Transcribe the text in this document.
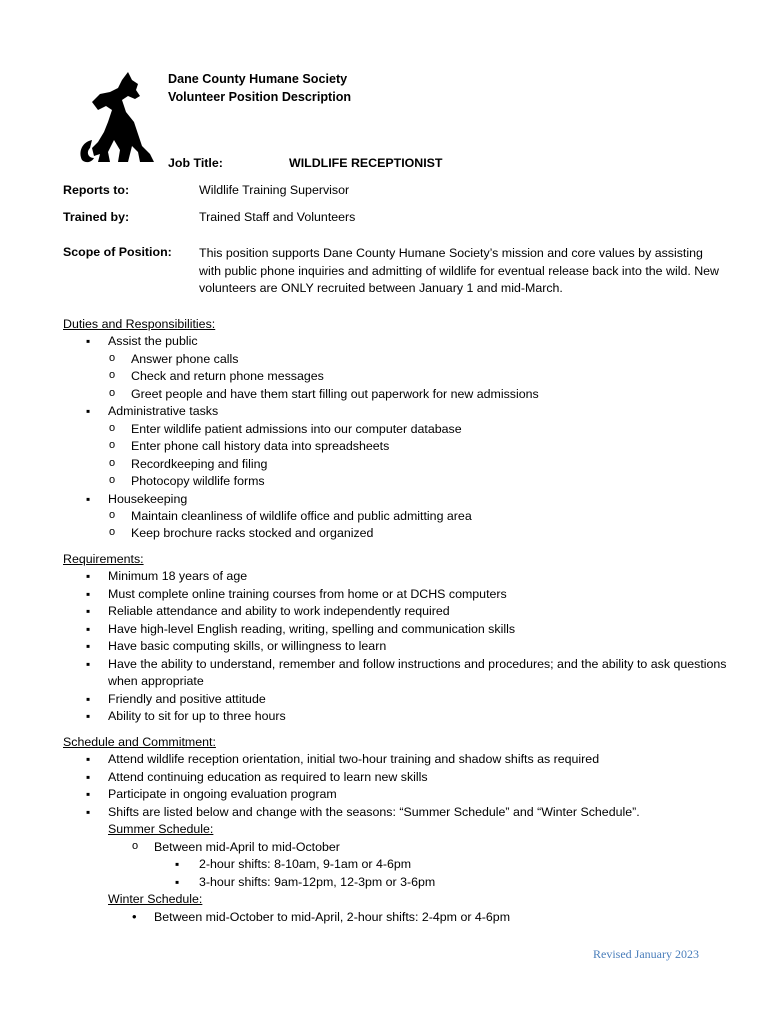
Dane County Humane Society
Volunteer Position Description
Job Title:	WILDLIFE RECEPTIONIST
Reports to:	Wildlife Training Supervisor
Trained by:	Trained Staff and Volunteers
Scope of Position: This position supports Dane County Humane Society’s mission and core values by assisting with public phone inquiries and admitting of wildlife for eventual release back into the wild. New volunteers are ONLY recruited between January 1 and mid-March.
Duties and Responsibilities:
▪ Assist the public
o Answer phone calls
o Check and return phone messages
o Greet people and have them start filling out paperwork for new admissions
▪ Administrative tasks
o Enter wildlife patient admissions into our computer database
o Enter phone call history data into spreadsheets
o Recordkeeping and filing
o Photocopy wildlife forms
▪ Housekeeping
o Maintain cleanliness of wildlife office and public admitting area
o Keep brochure racks stocked and organized
Requirements:
▪ Minimum 18 years of age
▪ Must complete online training courses from home or at DCHS computers
▪ Reliable attendance and ability to work independently required
▪ Have high-level English reading, writing, spelling and communication skills
▪ Have basic computing skills, or willingness to learn
▪ Have the ability to understand, remember and follow instructions and procedures; and the ability to ask questions when appropriate
▪ Friendly and positive attitude
▪ Ability to sit for up to three hours
Schedule and Commitment:
▪ Attend wildlife reception orientation, initial two-hour training and shadow shifts as required
▪ Attend continuing education as required to learn new skills
▪ Participate in ongoing evaluation program
▪ Shifts are listed below and change with the seasons: “Summer Schedule” and “Winter Schedule”.
Summer Schedule:
o Between mid-April to mid-October
▪ 2-hour shifts: 8-10am, 9-1am or 4-6pm
▪ 3-hour shifts: 9am-12pm, 12-3pm or 3-6pm
Winter Schedule:
• Between mid-October to mid-April, 2-hour shifts: 2-4pm or 4-6pm
Revised January 2023
